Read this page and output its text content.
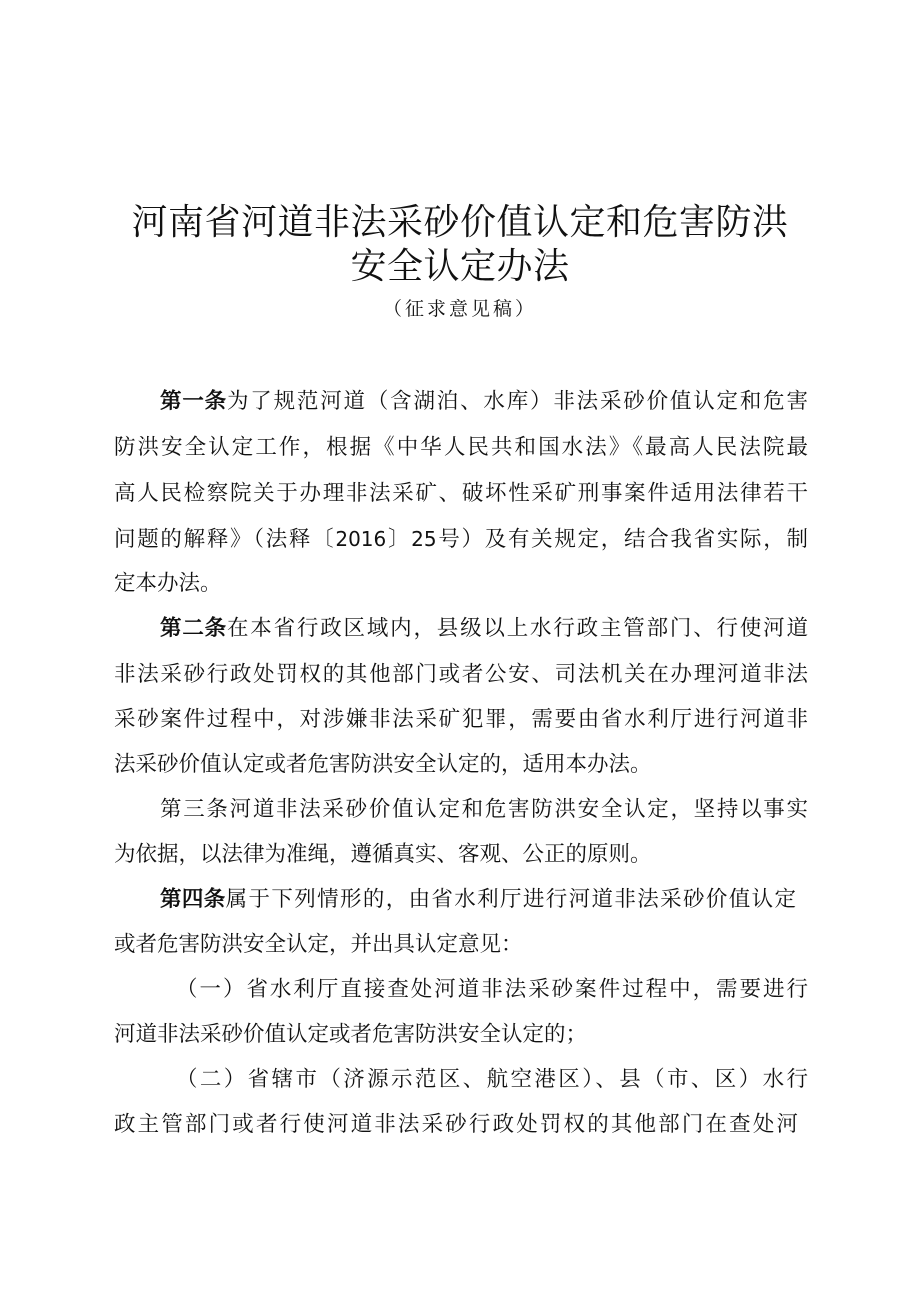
河南省河道非法采砂价值认定和危害防洪
安全认定办法
（征求意见稿）
第一条为了规范河道（含湖泊、水库）非法采砂价值认定和危害
防洪安全认定工作，根据《中华人民共和国水法》《最高人民法院最
高人民检察院关于办理非法采矿、破坏性采矿刑事案件适用法律若干
问题的解释》（法释〔2016〕25号）及有关规定，结合我省实际，制
定本办法。
第二条在本省行政区域内，县级以上水行政主管部门、行使河道
非法采砂行政处罚权的其他部门或者公安、司法机关在办理河道非法
采砂案件过程中，对涉嫌非法采矿犯罪，需要由省水利厅进行河道非
法采砂价值认定或者危害防洪安全认定的，适用本办法。
第三条河道非法采砂价值认定和危害防洪安全认定，坚持以事实
为依据，以法律为准绳，遵循真实、客观、公正的原则。
第四条属于下列情形的，由省水利厅进行河道非法采砂价值认定
或者危害防洪安全认定，并出具认定意见：
（一）省水利厅直接查处河道非法采砂案件过程中，需要进行
河道非法采砂价值认定或者危害防洪安全认定的；
（二）省辖市（济源示范区、航空港区）、县（市、区）水行
政主管部门或者行使河道非法采砂行政处罚权的其他部门在查处河
